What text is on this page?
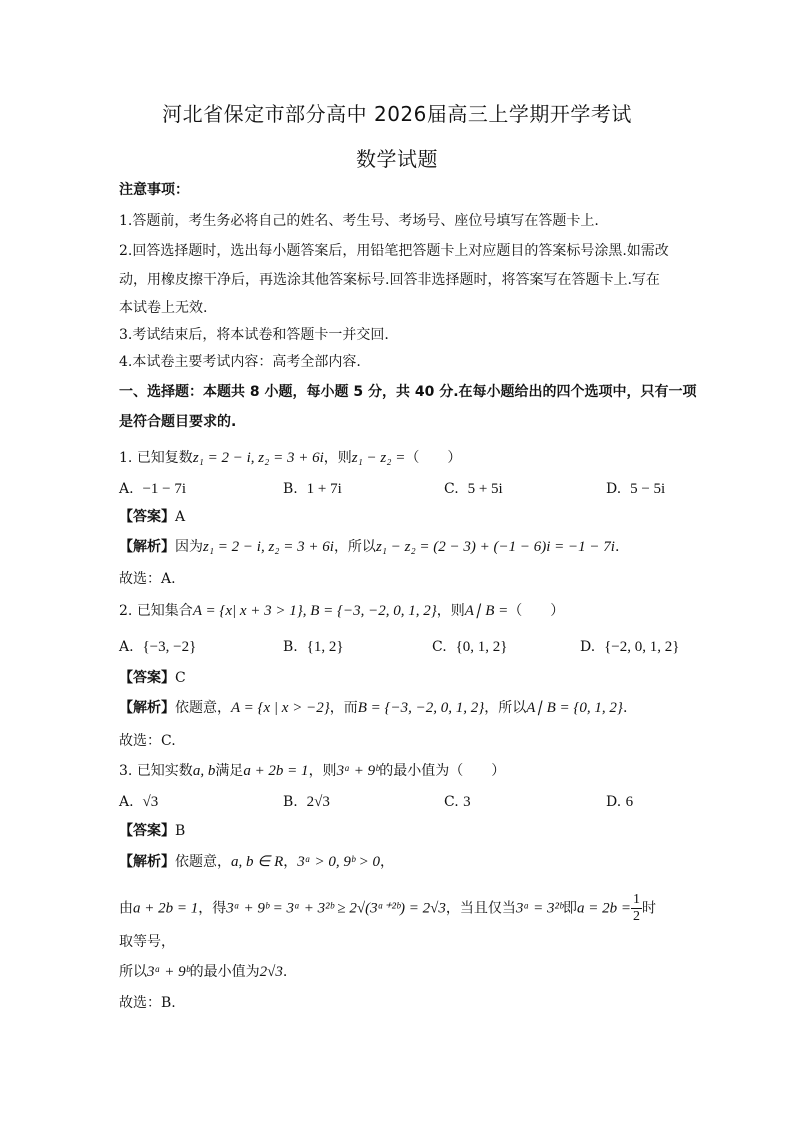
河北省保定市部分高中 2026届高三上学期开学考试
数学试题
注意事项：
1.答题前，考生务必将自己的姓名、考生号、考场号、座位号填写在答题卡上.
2.回答选择题时，选出每小题答案后，用铅笔把答题卡上对应题目的答案标号涂黑.如需改
动，用橡皮擦干净后，再选涂其他答案标号.回答非选择题时，将答案写在答题卡上.写在
本试卷上无效.
3.考试结束后，将本试卷和答题卡一并交回.
4.本试卷主要考试内容：高考全部内容.
一、选择题：本题共 8 小题，每小题 5 分，共 40 分.在每小题给出的四个选项中，只有一项
是符合题目要求的.
1. 已知复数z₁ = 2 − i, z₂ = 3 + 6i，则z₁ − z₂ =（　　）
A. −1 − 7i	B. 1 + 7i	C. 5 + 5i	D. 5 − 5i
【答案】A
【解析】因为z₁ = 2 − i, z₂ = 3 + 6i，所以z₁ − z₂ = (2 − 3) + (−1 − 6)i = −1 − 7i.
故选：A.
2. 已知集合A = {x| x + 3 > 1}, B = {−3, −2, 0, 1, 2}，则A∣ B =（　　）
A. {−3, −2}	B. {1, 2}	C. {0, 1, 2}	D. {−2, 0, 1, 2}
【答案】C
【解析】依题意，A = {x | x > −2}，而B = {−3, −2, 0, 1, 2}，所以A∣ B = {0, 1, 2}.
故选：C.
3. 已知实数a, b满足a + 2b = 1，则3ᵃ + 9ᵇ的最小值为（　　）
A. √3	B. 2√3	C. 3	D. 6
【答案】B
【解析】依题意，a, b ∈ R，3ᵃ > 0, 9ᵇ > 0，
由a + 2b = 1，得3ᵃ + 9ᵇ = 3ᵃ + 3²ᵇ ≥ 2√(3ᵃ⁺²ᵇ) = 2√3，当且仅当3ᵃ = 3²ᵇ即$a = 2b = \frac{1}{2}$ 时
取等号，
所以3ᵃ + 9ᵇ的最小值为2√3.
故选：B.
